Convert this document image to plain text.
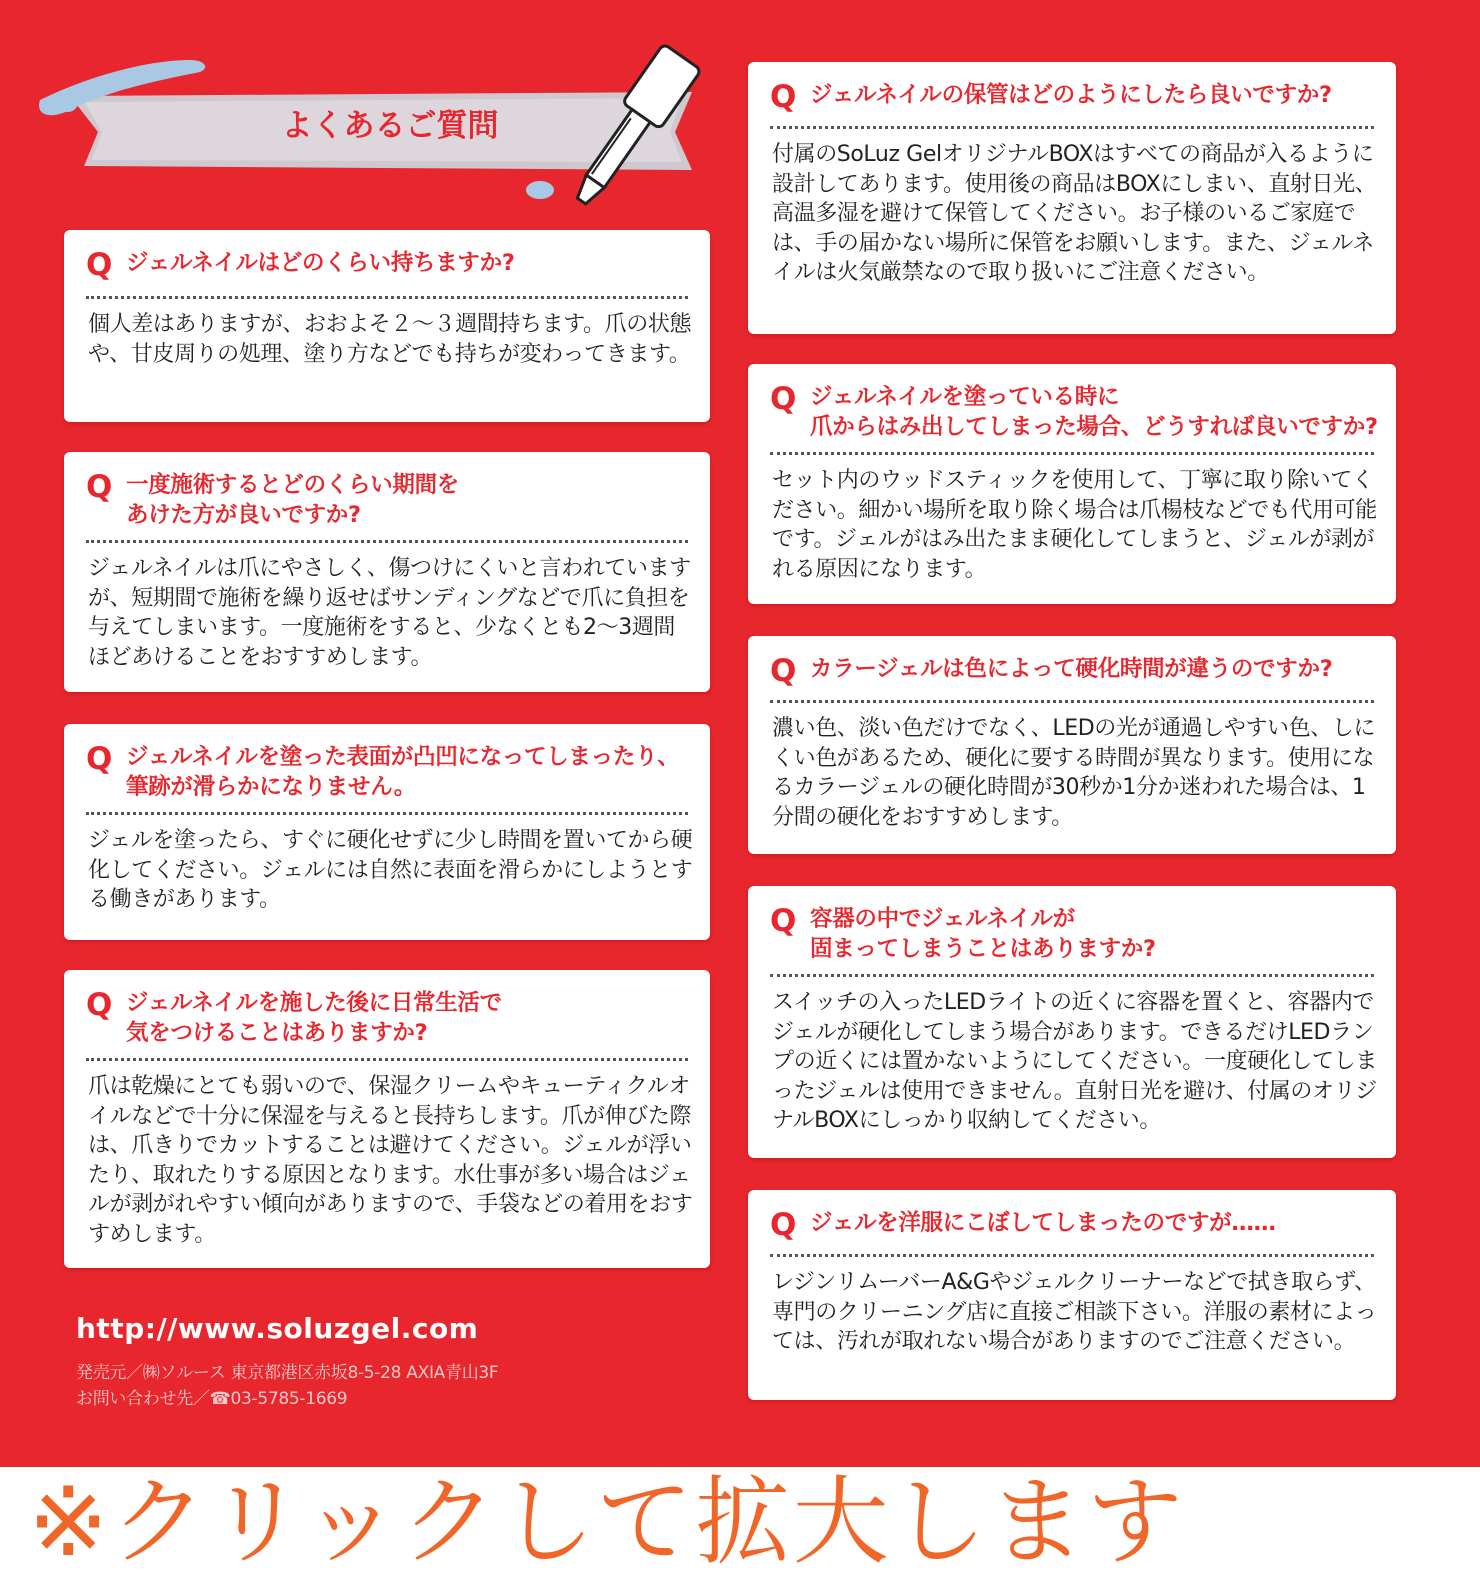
よくあるご質問
Q ジェルネイルはどのくらい持ちますか?
個人差はありますが、おおよそ２～３週間持ちます。爪の状態や、甘皮周りの処理、塗り方などでも持ちが変わってきます。
Q 一度施術するとどのくらい期間を
あけた方が良いですか?
ジェルネイルは爪にやさしく、傷つけにくいと言われていますが、短期間で施術を繰り返せばサンディングなどで爪に負担を与えてしまいます。一度施術をすると、少なくとも2～3週間ほどあけることをおすすめします。
Q ジェルネイルを塗った表面が凸凹になってしまったり、
筆跡が滑らかになりません。
ジェルを塗ったら、すぐに硬化せずに少し時間を置いてから硬化してください。ジェルには自然に表面を滑らかにしようとする働きがあります。
Q ジェルネイルを施した後に日常生活で
気をつけることはありますか?
爪は乾燥にとても弱いので、保湿クリームやキューティクルオイルなどで十分に保湿を与えると長持ちします。爪が伸びた際は、爪きりでカットすることは避けてください。ジェルが浮いたり、取れたりする原因となります。水仕事が多い場合はジェルが剥がれやすい傾向がありますので、手袋などの着用をおすすめします。
Q ジェルネイルの保管はどのようにしたら良いですか?
付属のSoLuz GelオリジナルBOXはすべての商品が入るように設計してあります。使用後の商品はBOXにしまい、直射日光、高温多湿を避けて保管してください。お子様のいるご家庭では、手の届かない場所に保管をお願いします。また、ジェルネイルは火気厳禁なので取り扱いにご注意ください。
Q ジェルネイルを塗っている時に
爪からはみ出してしまった場合、どうすれば良いですか?
セット内のウッドスティックを使用して、丁寧に取り除いてください。細かい場所を取り除く場合は爪楊枝などでも代用可能です。ジェルがはみ出たまま硬化してしまうと、ジェルが剥がれる原因になります。
Q カラージェルは色によって硬化時間が違うのですか?
濃い色、淡い色だけでなく、LEDの光が通過しやすい色、しにくい色があるため、硬化に要する時間が異なります。使用になるカラージェルの硬化時間が30秒か1分か迷われた場合は、1分間の硬化をおすすめします。
Q 容器の中でジェルネイルが
固まってしまうことはありますか?
スイッチの入ったLEDライトの近くに容器を置くと、容器内でジェルが硬化してしまう場合があります。できるだけLEDランプの近くには置かないようにしてください。一度硬化してしまったジェルは使用できません。直射日光を避け、付属のオリジナルBOXにしっかり収納してください。
Q ジェルを洋服にこぼしてしまったのですが……
レジンリムーバーA&Gやジェルクリーナーなどで拭き取らず、専門のクリーニング店に直接ご相談下さい。洋服の素材によっては、汚れが取れない場合がありますのでご注意ください。
http://www.soluzgel.com
発売元／㈱ソルース 東京都港区赤坂8-5-28 AXIA青山3F
お問い合わせ先／☎03-5785-1669
※クリックして拡大します
